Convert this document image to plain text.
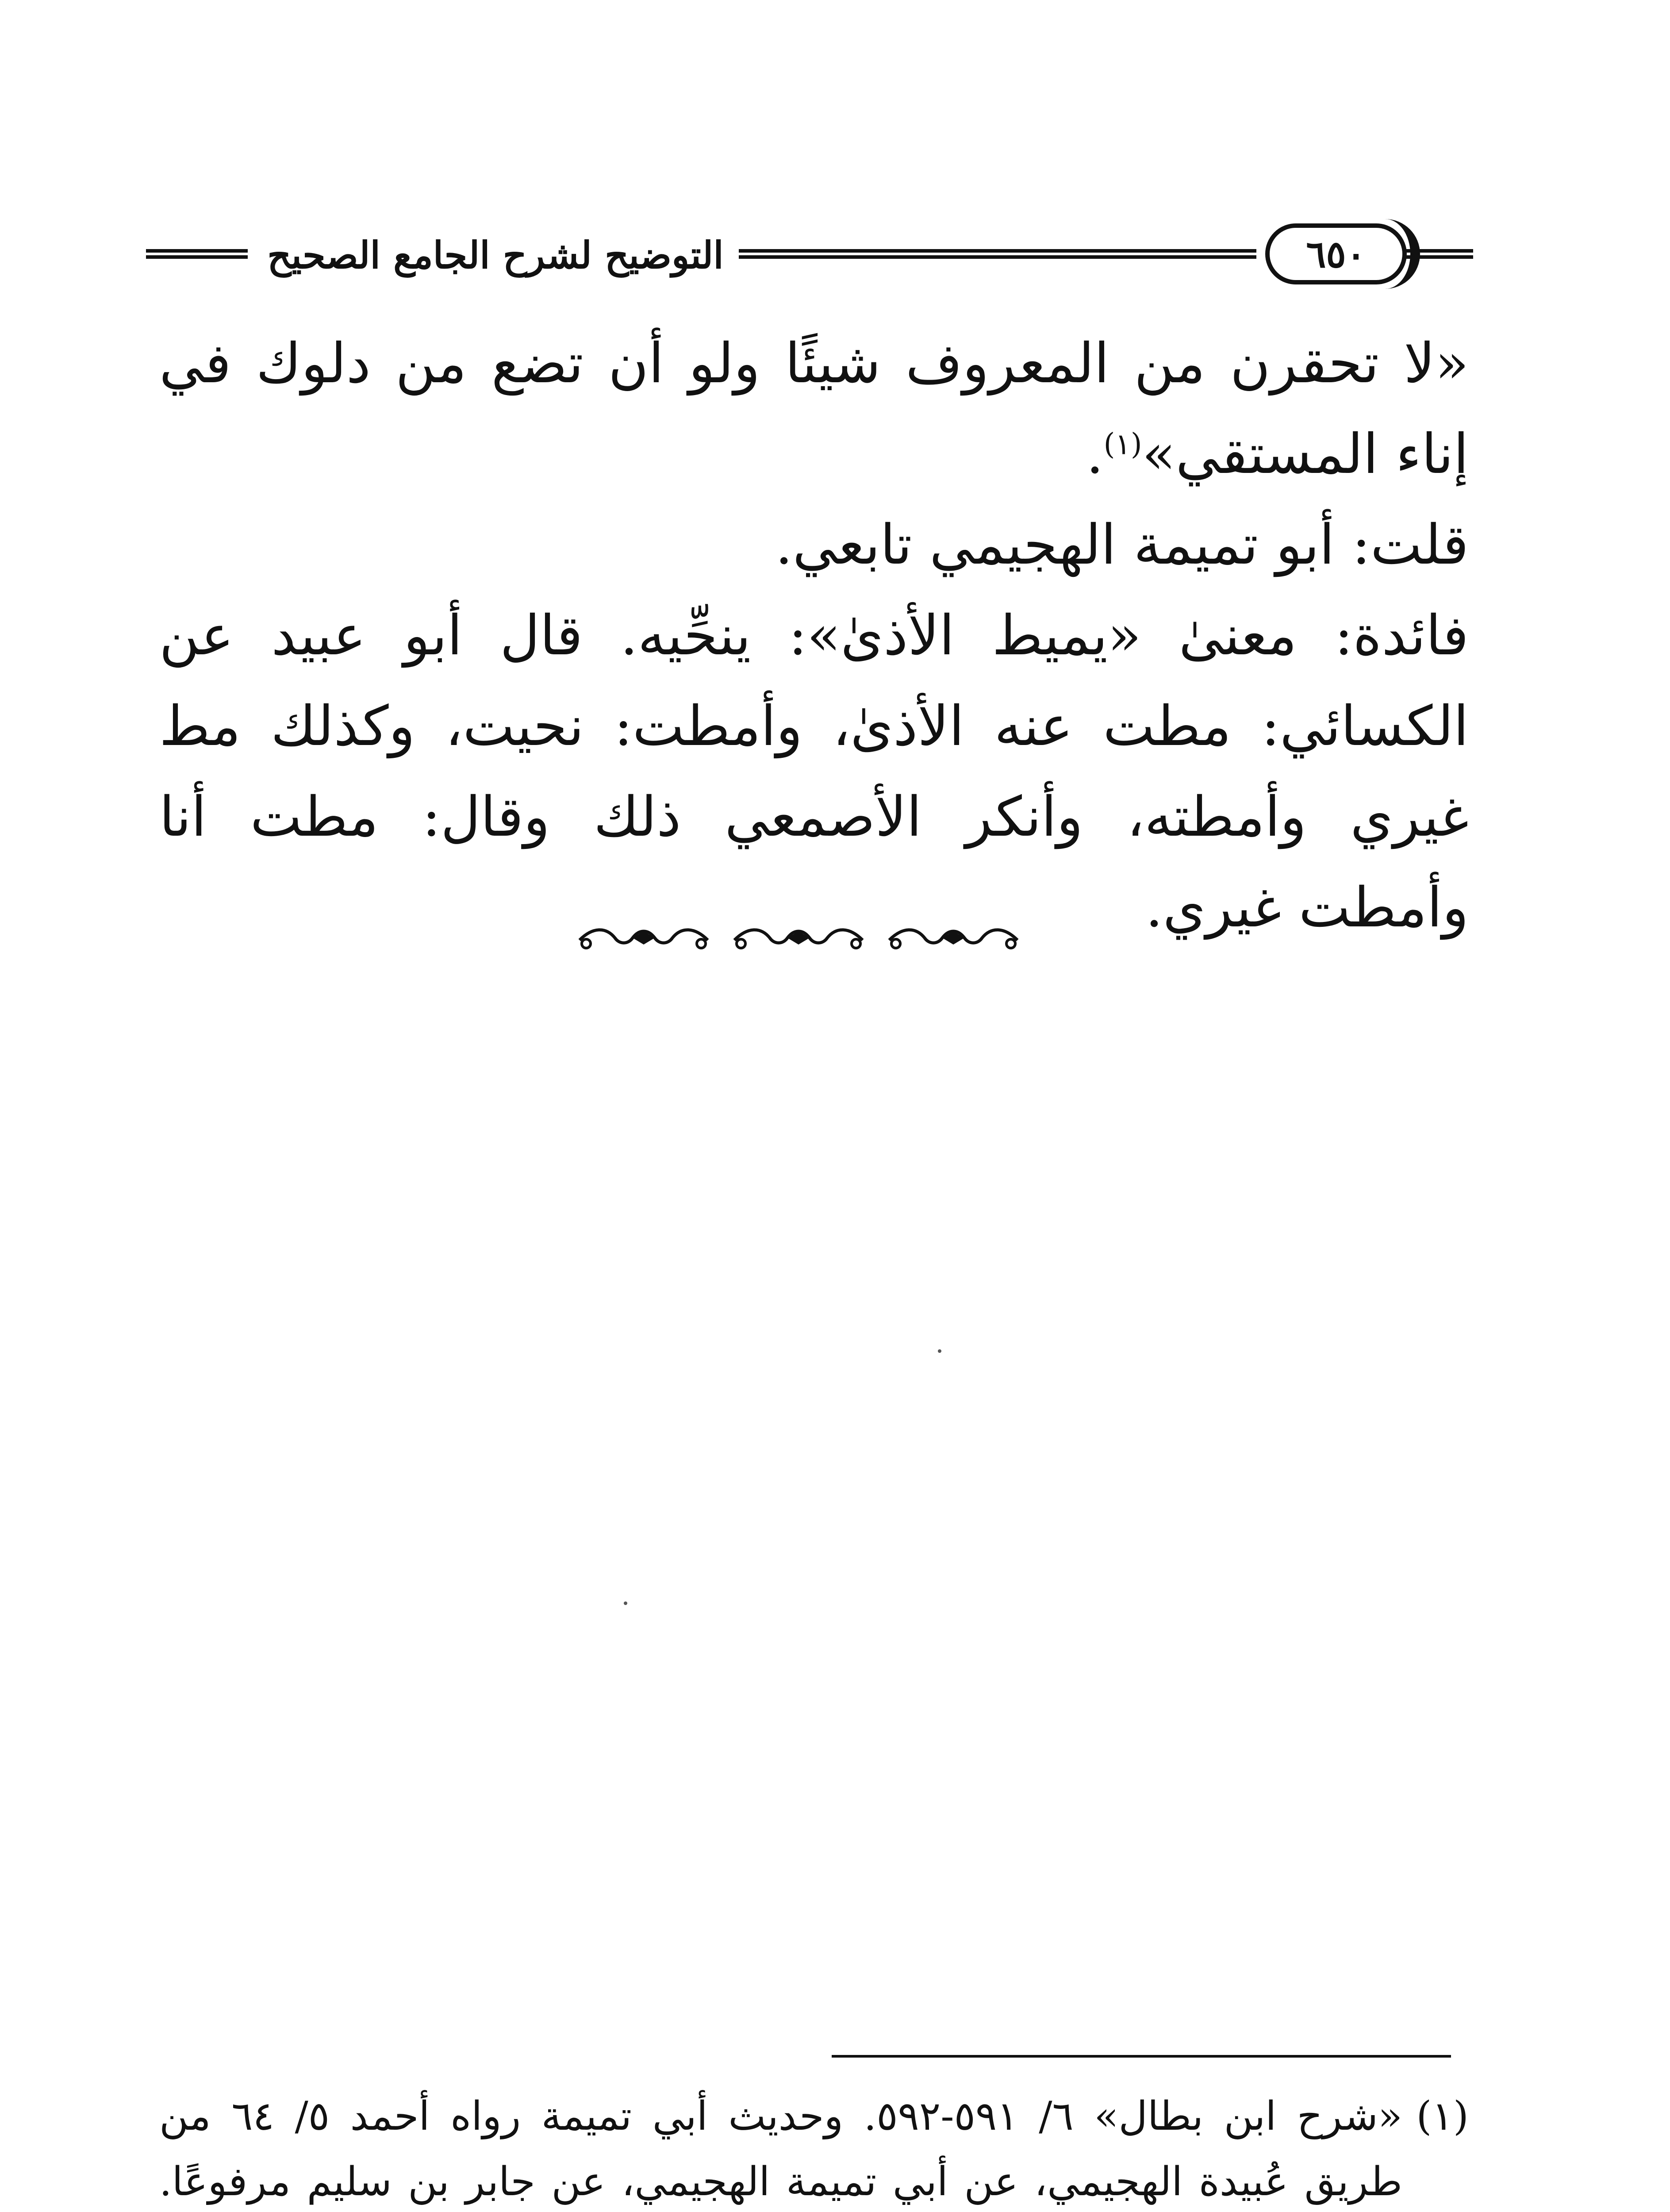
التوضيح لشرح الجامع الصحيح	٦٥٠

«لا تحقرن من المعروف شيئًا ولو أن تضع من دلوك في إناء المستقي»$^{(١)}$.

قلت: أبو تميمة الهجيمي تابعي.

فائدة: معنىٰ «يميط الأذىٰ»: ينحِّيه. قال أبو عبيد عن الكسائي: مطت عنه الأذىٰ، وأمطت: نحيت، وكذلك مط غيري وأمطته، وأنكر الأصمعي ذلك وقال: مطت أنا وأمطت غيري.

(١)
«شرح ابن بطال» ٦/ ٥٩١-٥٩٢. وحديث أبي تميمة رواه أحمد ٥/ ٦٤ من طريق عُبيدة الهجيمي، عن أبي تميمة الهجيمي، عن جابر بن سليم مرفوعًا.
